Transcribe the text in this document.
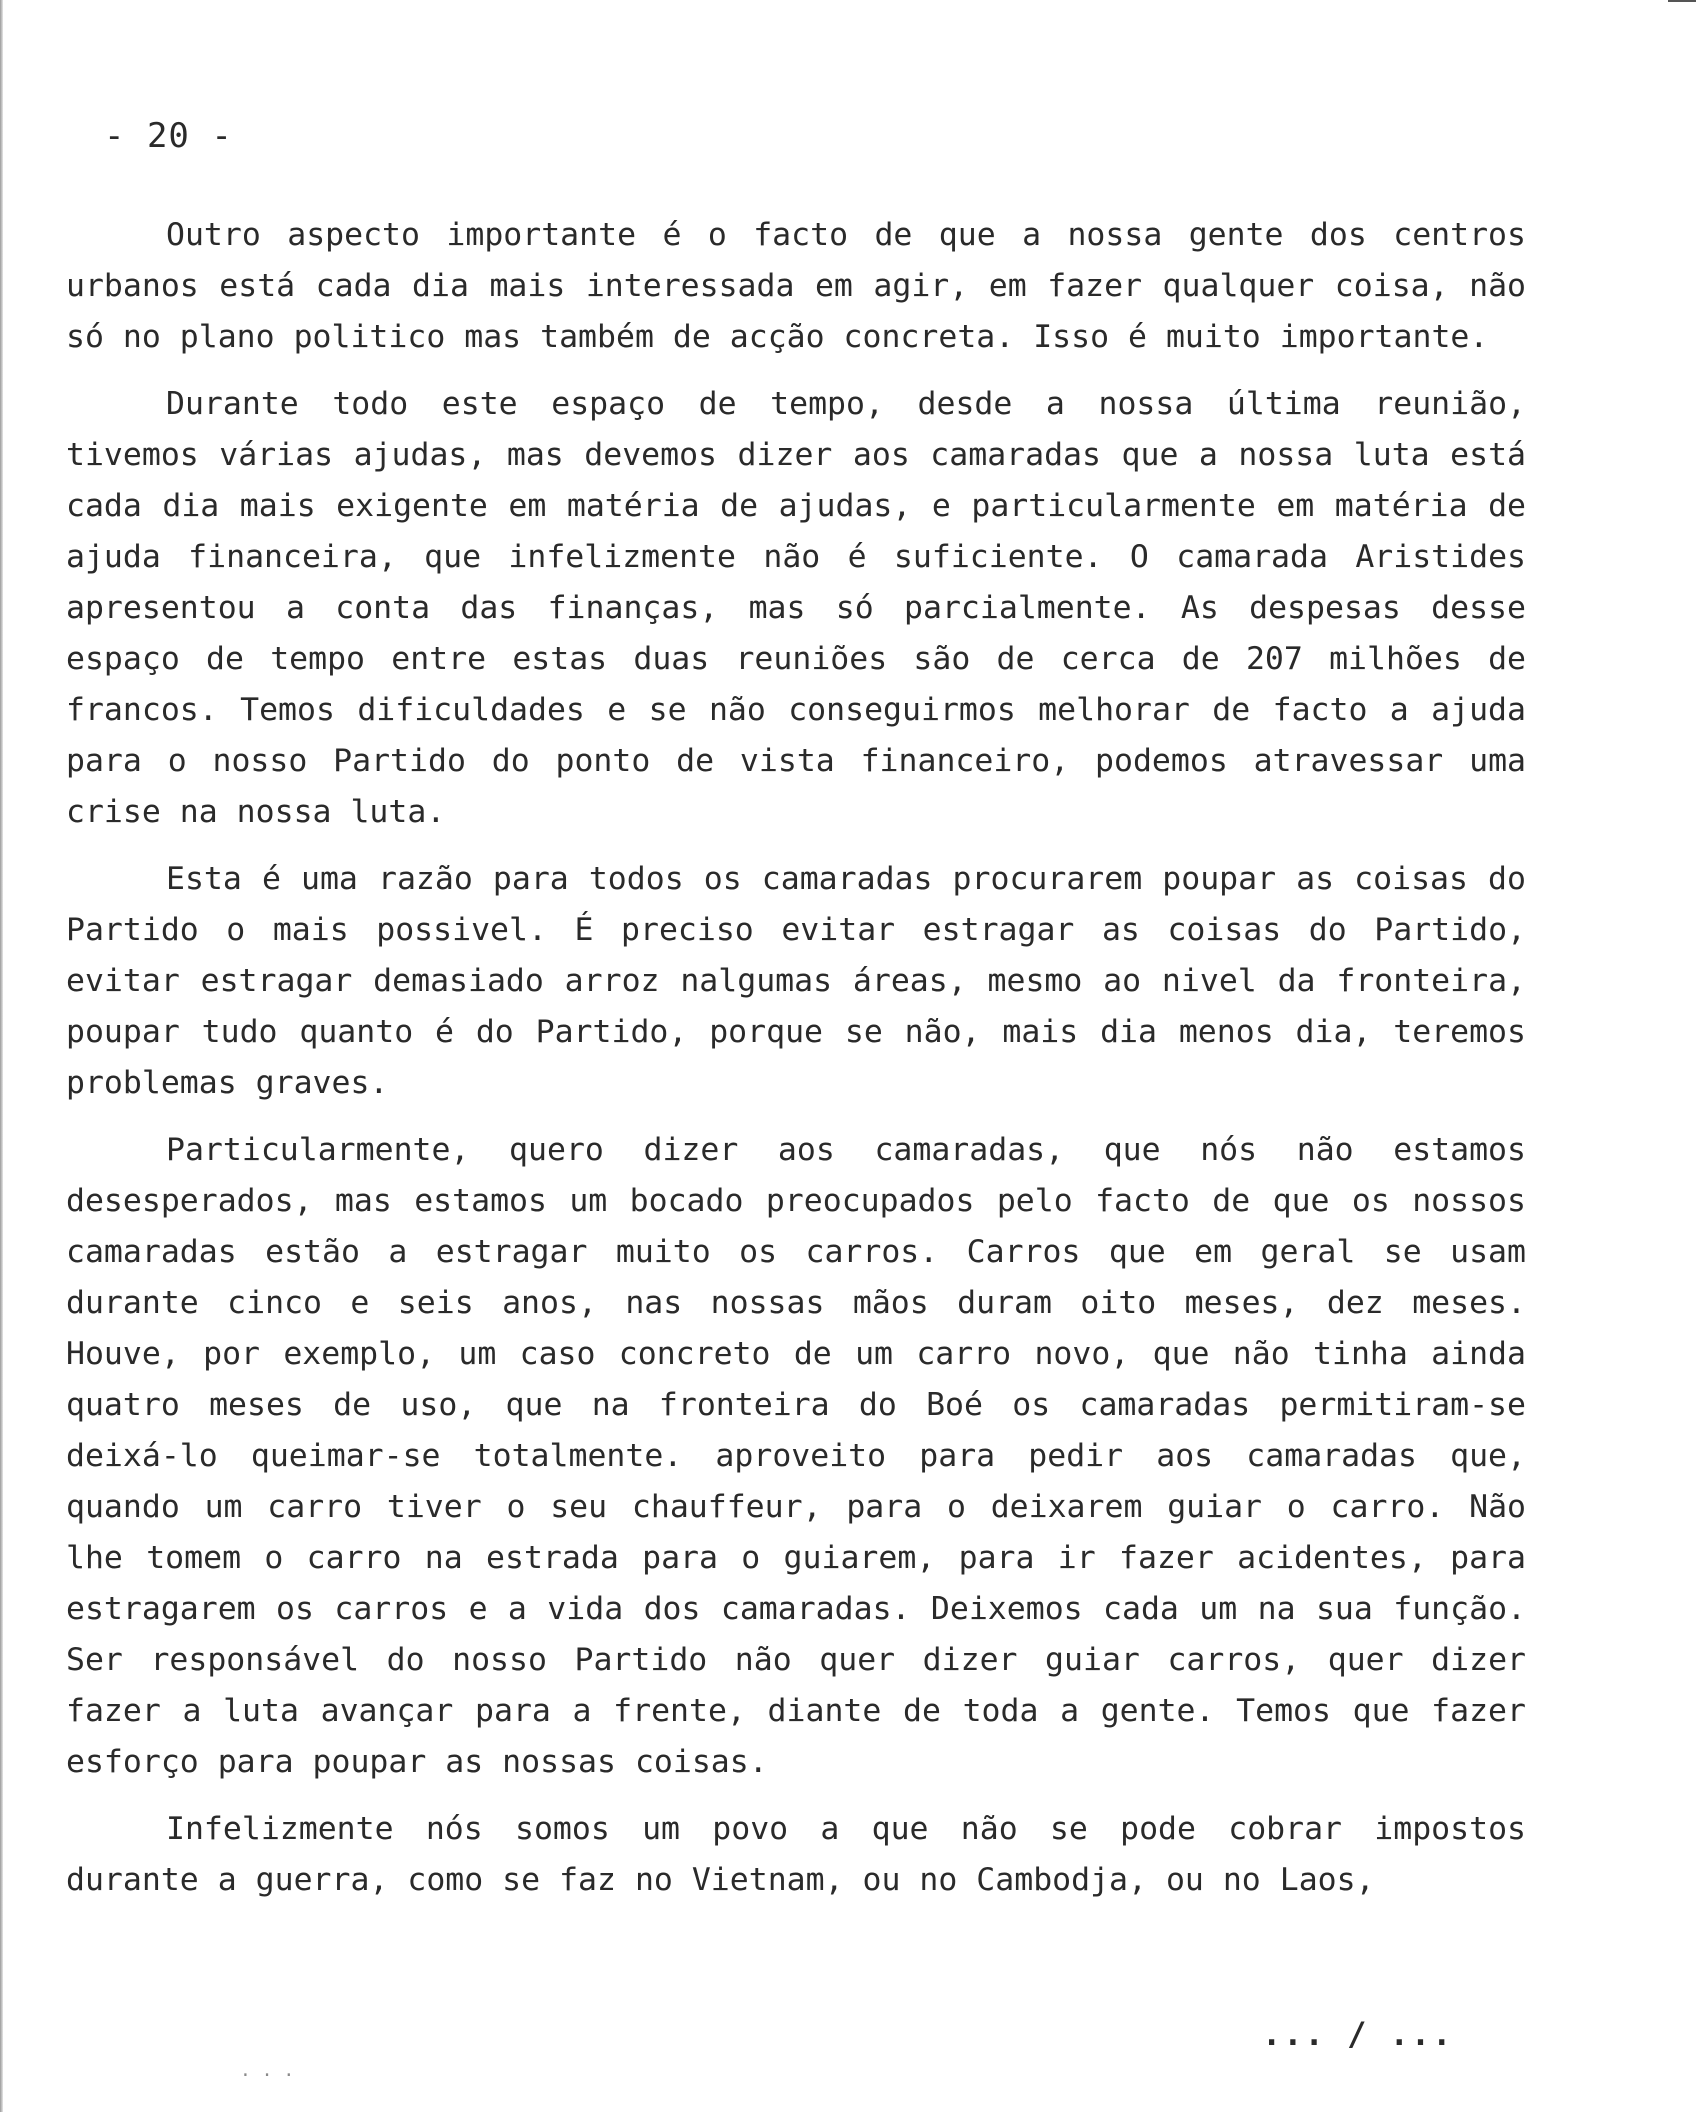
- 20 -

Outro aspecto importante é o facto de que a nossa gente dos centros urbanos está cada dia mais interessada em agir, em fazer qualquer coisa, não só no plano politico mas também de acção concreta. Isso é muito importante.

Durante todo este espaço de tempo, desde a nossa última reunião, tivemos várias ajudas, mas devemos dizer aos camaradas que a nossa luta está cada dia mais exigente em matéria de ajudas, e particularmente em matéria de ajuda financeira, que infelizmente não é suficiente. O camarada Aristides apresentou a conta das finanças, mas só parcialmente. As despesas desse espaço de tempo entre estas duas reuniões são de cerca de 207 milhões de francos. Temos dificuldades e se não conseguirmos melhorar de facto a ajuda para o nosso Partido do ponto de vista financeiro, podemos atravessar uma crise na nossa luta.

Esta é uma razão para todos os camaradas procurarem poupar as coisas do Partido o mais possivel. É preciso evitar estragar as coisas do Partido, evitar estragar demasiado arroz nalgumas áreas, mesmo ao nivel da fronteira, poupar tudo quanto é do Partido, porque se não, mais dia menos dia, teremos problemas graves.

Particularmente, quero dizer aos camaradas, que nós não estamos desesperados, mas estamos um bocado preocupados pelo facto de que os nossos camaradas estão a estragar muito os carros. Carros que em geral se usam durante cinco e seis anos, nas nossas mãos duram oito meses, dez meses. Houve, por exemplo, um caso concreto de um carro novo, que não tinha ainda quatro meses de uso, que na fronteira do Boé os camaradas permitiram-se deixá-lo queimar-se totalmente. aproveito para pedir aos camaradas que, quando um carro tiver o seu chauffeur, para o deixarem guiar o carro. Não lhe tomem o carro na estrada para o guiarem, para ir fazer acidentes, para estragarem os carros e a vida dos camaradas. Deixemos cada um na sua função. Ser responsável do nosso Partido não quer dizer guiar carros, quer dizer fazer a luta avançar para a frente, diante de toda a gente. Temos que fazer esforço para poupar as nossas coisas.

Infelizmente nós somos um povo a que não se pode cobrar impostos durante a guerra, como se faz no Vietnam, ou no Cambodja, ou no Laos,

. . .
... / ...
